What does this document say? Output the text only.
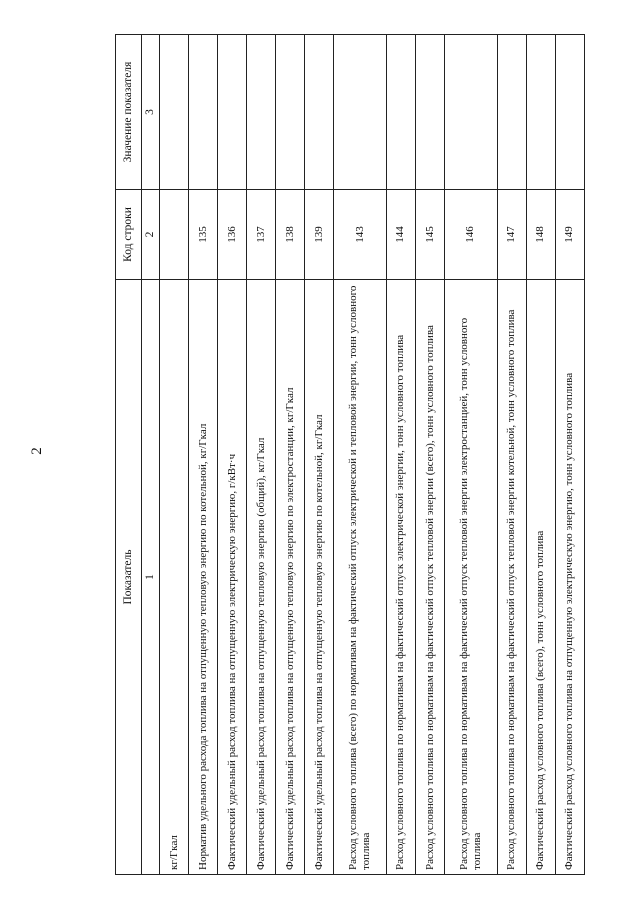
2
Показатель	Код строки	Значение показателя
1	2	3
кг/Гкал		
Норматив удельного расхода топлива на отпущенную тепловую энергию по котельной, кг/Гкал	135	
Фактический удельный расход топлива на отпущенную электрическую энергию, г/кВт·ч	136	
Фактический удельный расход топлива на отпущенную тепловую энергию (общий), кг/Гкал	137	
Фактический удельный расход топлива на отпущенную тепловую энергию по электростанции, кг/Гкал	138	
Фактический удельный расход топлива на отпущенную тепловую энергию по котельной, кг/Гкал	139	
Расход условного топлива (всего) по нормативам на фактический отпуск электрической и тепловой энергии, тонн условного топлива	143	
Расход условного топлива по нормативам на фактический отпуск электрической энергии, тонн условного топлива	144	
Расход условного топлива по нормативам на фактический отпуск тепловой энергии (всего), тонн условного топлива	145	
Расход условного топлива по нормативам на фактический отпуск тепловой энергии электростанцией, тонн условного топлива	146	
Расход условного топлива по нормативам на фактический отпуск тепловой энергии котельной, тонн условного топлива	147	
Фактический расход условного топлива (всего), тонн условного топлива	148	
Фактический расход условного топлива на отпущенную электрическую энергию, тонн условного топлива	149	
